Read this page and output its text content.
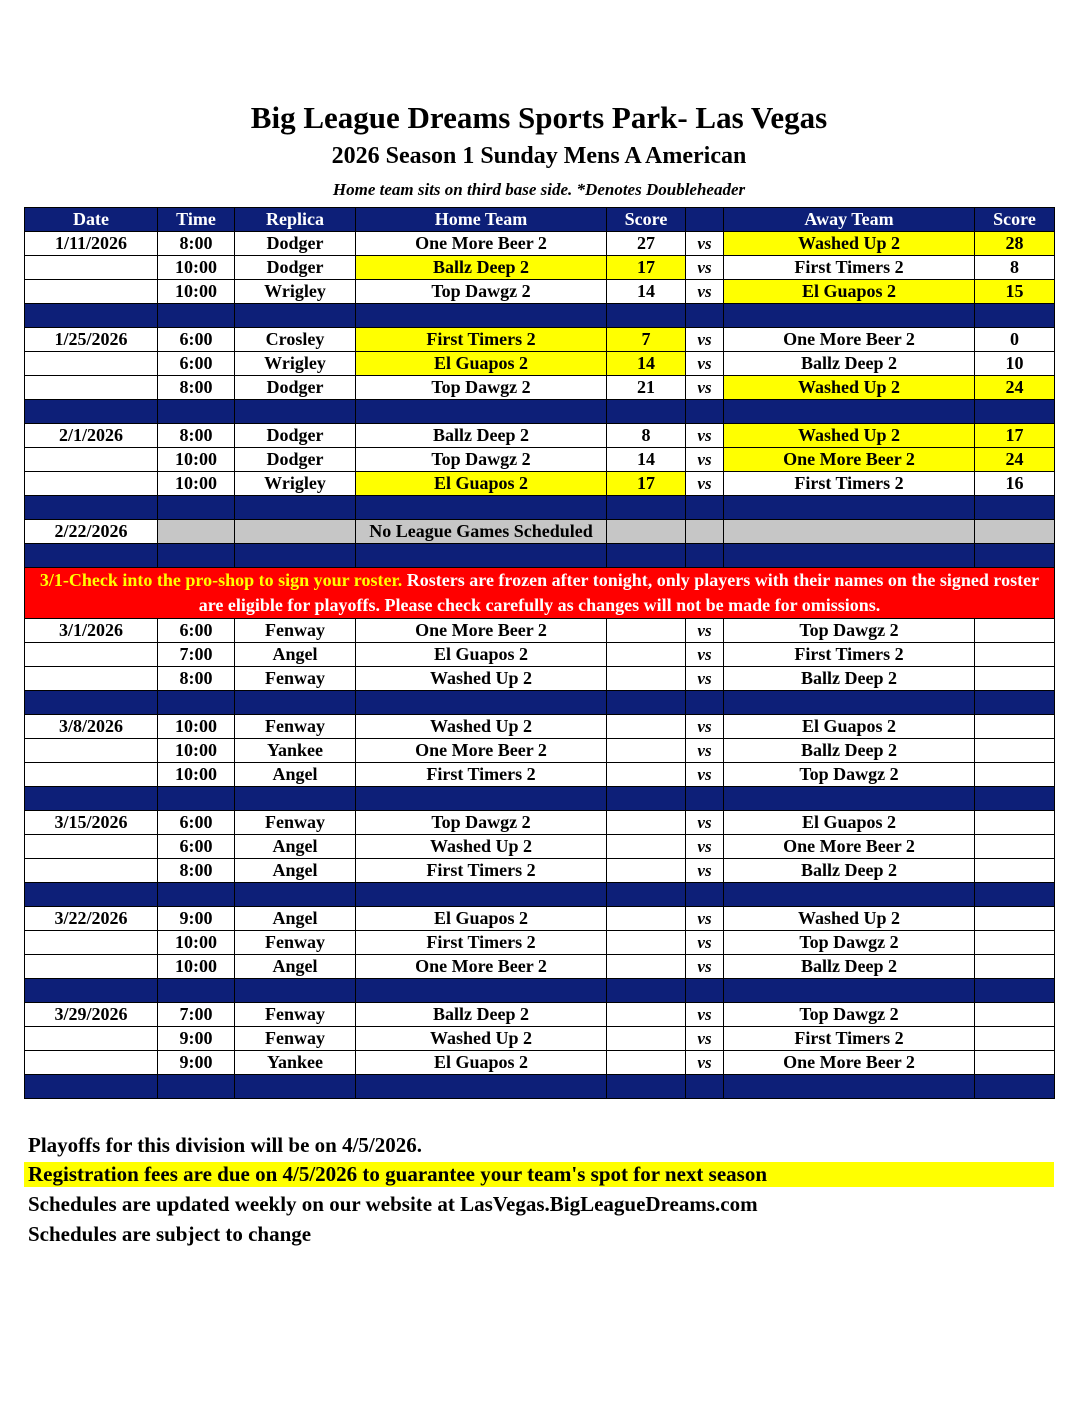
Big League Dreams Sports Park- Las Vegas
2026 Season 1 Sunday Mens A American
Home team sits on third base side. *Denotes Doubleheader
Date	Time	Replica	Home Team	Score		Away Team	Score
1/11/2026	8:00	Dodger	One More Beer 2	27	vs	Washed Up 2	28
	10:00	Dodger	Ballz Deep 2	17	vs	First Timers 2	8
	10:00	Wrigley	Top Dawgz 2	14	vs	El Guapos 2	15

1/25/2026	6:00	Crosley	First Timers 2	7	vs	One More Beer 2	0
	6:00	Wrigley	El Guapos 2	14	vs	Ballz Deep 2	10
	8:00	Dodger	Top Dawgz 2	21	vs	Washed Up 2	24

2/1/2026	8:00	Dodger	Ballz Deep 2	8	vs	Washed Up 2	17
	10:00	Dodger	Top Dawgz 2	14	vs	One More Beer 2	24
	10:00	Wrigley	El Guapos 2	17	vs	First Timers 2	16

2/22/2026			No League Games Scheduled				

3/1-Check into the pro-shop to sign your roster. Rosters are frozen after tonight, only players with their names on the signed roster are eligible for playoffs. Please check carefully as changes will not be made for omissions.							
3/1/2026	6:00	Fenway	One More Beer 2		vs	Top Dawgz 2	
	7:00	Angel	El Guapos 2		vs	First Timers 2	
	8:00	Fenway	Washed Up 2		vs	Ballz Deep 2	

3/8/2026	10:00	Fenway	Washed Up 2		vs	El Guapos 2	
	10:00	Yankee	One More Beer 2		vs	Ballz Deep 2	
	10:00	Angel	First Timers 2		vs	Top Dawgz 2	

3/15/2026	6:00	Fenway	Top Dawgz 2		vs	El Guapos 2	
	6:00	Angel	Washed Up 2		vs	One More Beer 2	
	8:00	Angel	First Timers 2		vs	Ballz Deep 2	

3/22/2026	9:00	Angel	El Guapos 2		vs	Washed Up 2	
	10:00	Fenway	First Timers 2		vs	Top Dawgz 2	
	10:00	Angel	One More Beer 2		vs	Ballz Deep 2	

3/29/2026	7:00	Fenway	Ballz Deep 2		vs	Top Dawgz 2	
	9:00	Fenway	Washed Up 2		vs	First Timers 2	
	9:00	Yankee	El Guapos 2		vs	One More Beer 2	

Playoffs for this division will be on 4/5/2026.
Registration fees are due on 4/5/2026 to guarantee your team's spot for next season
Schedules are updated weekly on our website at LasVegas.BigLeagueDreams.com
Schedules are subject to change
